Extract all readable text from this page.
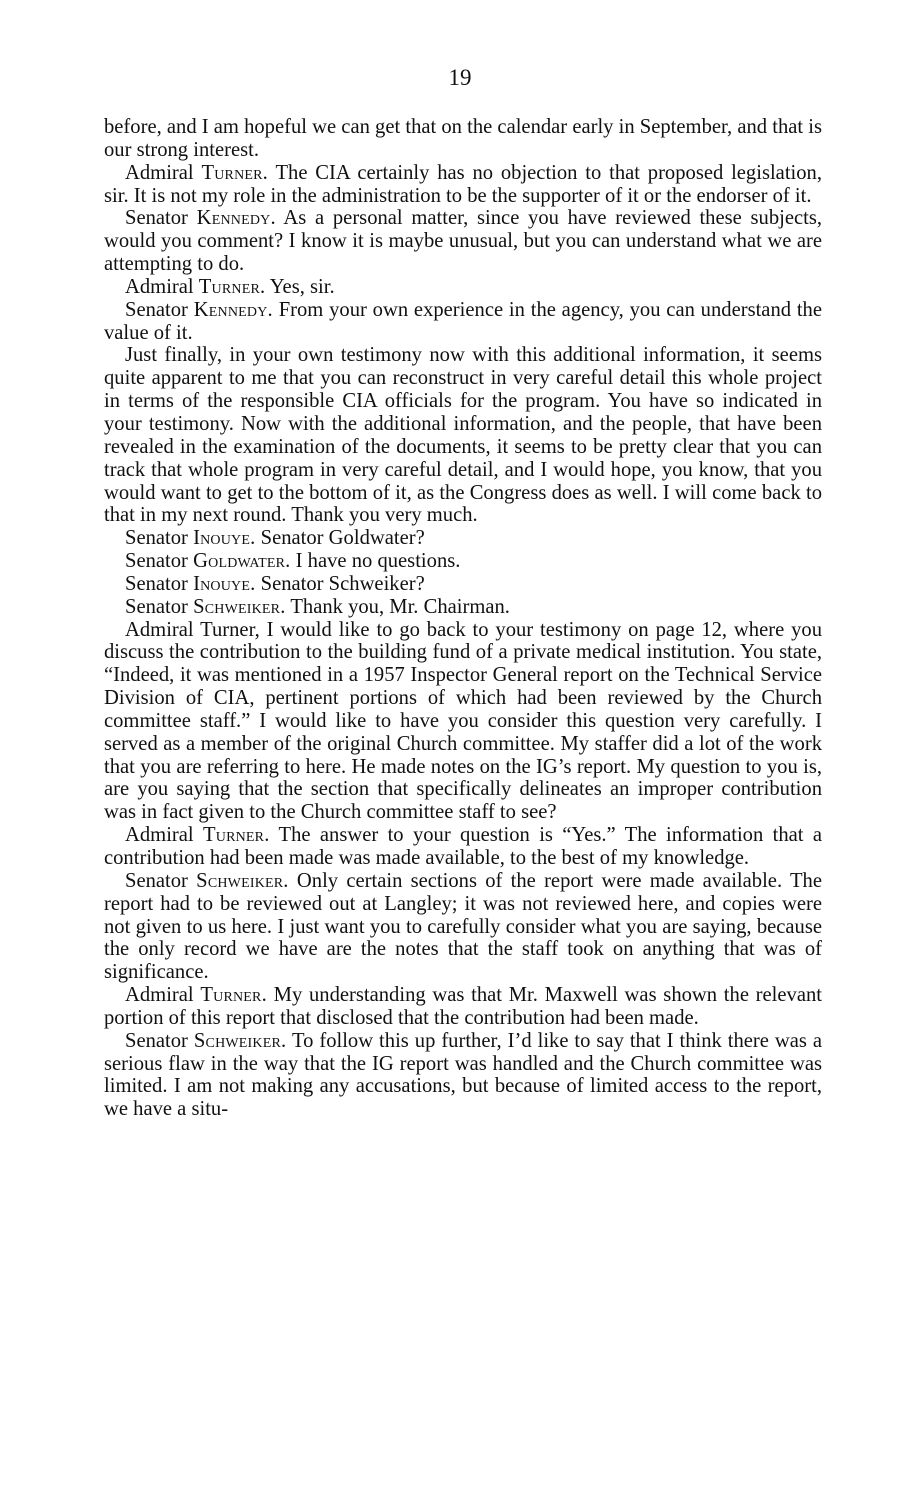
19

before, and I am hopeful we can get that on the calendar early in September, and that is our strong interest.

Admiral Turner. The CIA certainly has no objection to that proposed legislation, sir. It is not my role in the administration to be the supporter of it or the endorser of it.

Senator Kennedy. As a personal matter, since you have reviewed these subjects, would you comment? I know it is maybe unusual, but you can understand what we are attempting to do.

Admiral Turner. Yes, sir.

Senator Kennedy. From your own experience in the agency, you can understand the value of it.

Just finally, in your own testimony now with this additional information, it seems quite apparent to me that you can reconstruct in very careful detail this whole project in terms of the responsible CIA officials for the program. You have so indicated in your testimony. Now with the additional information, and the people, that have been revealed in the examination of the documents, it seems to be pretty clear that you can track that whole program in very careful detail, and I would hope, you know, that you would want to get to the bottom of it, as the Congress does as well. I will come back to that in my next round. Thank you very much.

Senator Inouye. Senator Goldwater?

Senator Goldwater. I have no questions.

Senator Inouye. Senator Schweiker?

Senator Schweiker. Thank you, Mr. Chairman.

Admiral Turner, I would like to go back to your testimony on page 12, where you discuss the contribution to the building fund of a private medical institution. You state, “Indeed, it was mentioned in a 1957 Inspector General report on the Technical Service Division of CIA, pertinent portions of which had been reviewed by the Church committee staff.” I would like to have you consider this question very carefully. I served as a member of the original Church committee. My staffer did a lot of the work that you are referring to here. He made notes on the IG’s report. My question to you is, are you saying that the section that specifically delineates an improper contribution was in fact given to the Church committee staff to see?

Admiral Turner. The answer to your question is “Yes.” The information that a contribution had been made was made available, to the best of my knowledge.

Senator Schweiker. Only certain sections of the report were made available. The report had to be reviewed out at Langley; it was not reviewed here, and copies were not given to us here. I just want you to carefully consider what you are saying, because the only record we have are the notes that the staff took on anything that was of significance.

Admiral Turner. My understanding was that Mr. Maxwell was shown the relevant portion of this report that disclosed that the contribution had been made.

Senator Schweiker. To follow this up further, I’d like to say that I think there was a serious flaw in the way that the IG report was handled and the Church committee was limited. I am not making any accusations, but because of limited access to the report, we have a situ-
